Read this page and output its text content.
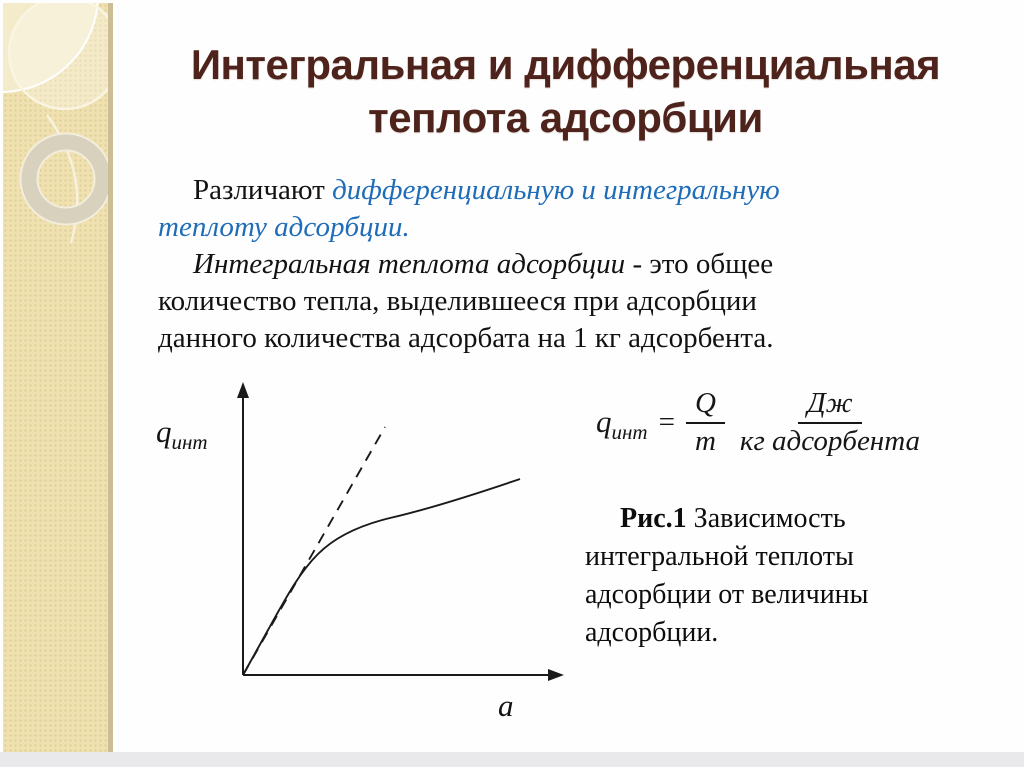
Интегральная и дифференциальная
теплота адсорбции
Различают дифференциальную и интегральную
теплоту адсорбции.
Интегральная теплота адсорбции - это общее
количество тепла, выделившееся при адсорбции
данного количества адсорбата на 1 кг адсорбента.
$q_{инт}$
a
$q_{инт} = \frac{Q}{m} \frac{Дж}{\text{кг адсорбента}}$
Рис.1 Зависимость
интегральной теплоты
адсорбции от величины
адсорбции.
